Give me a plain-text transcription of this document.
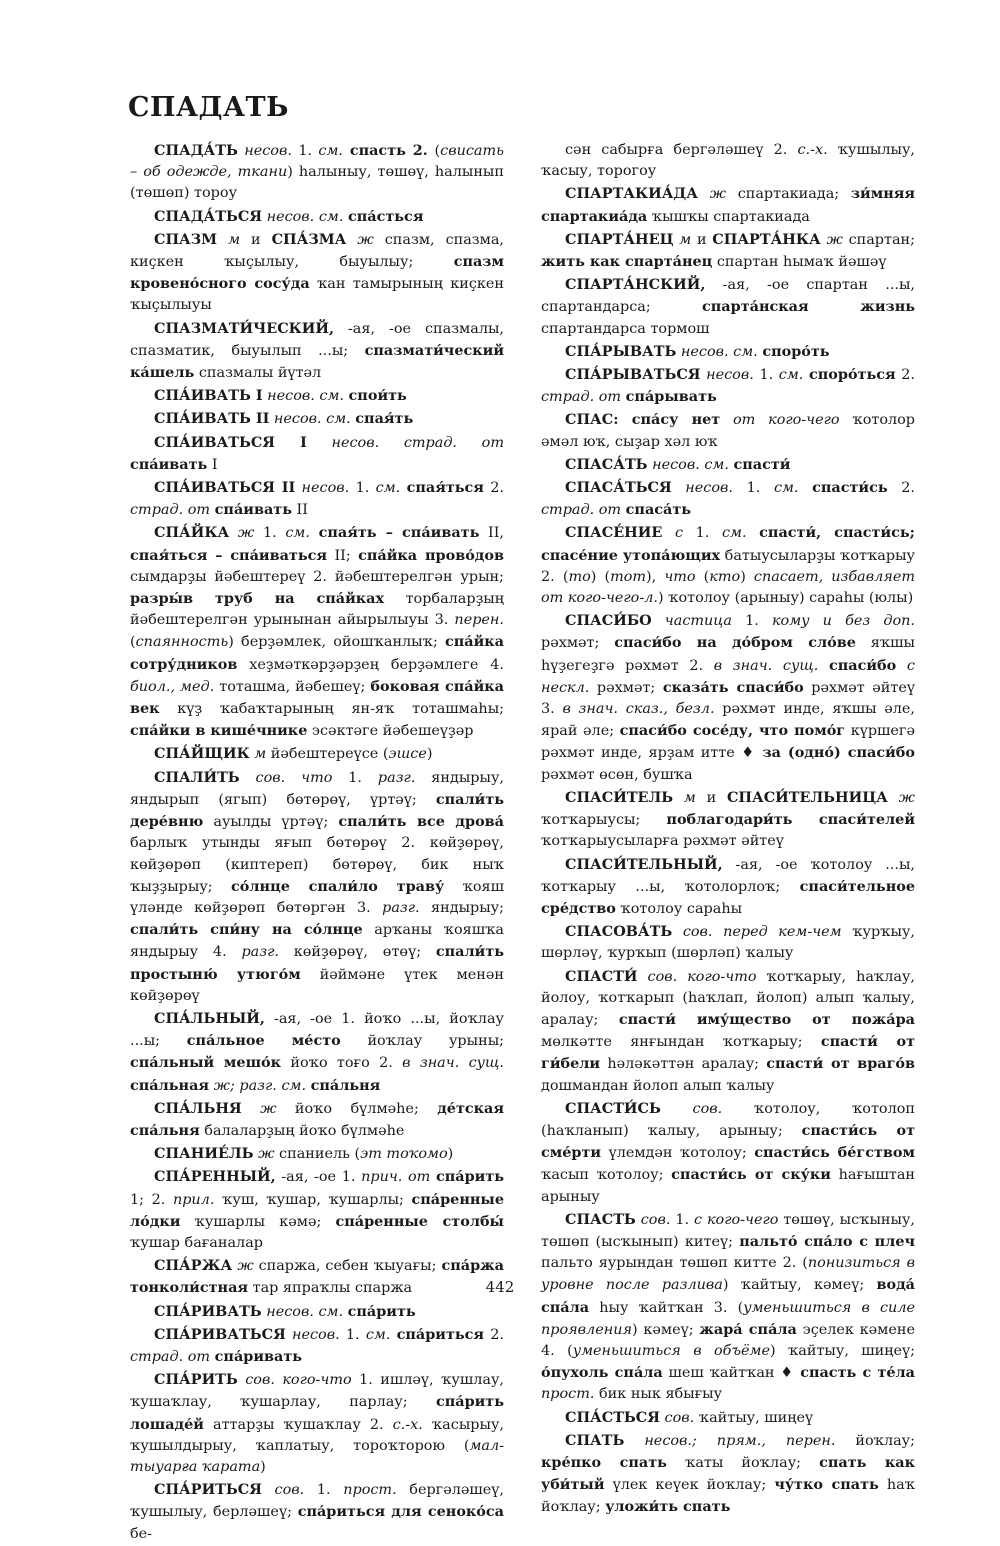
СПАДАТЬ

СПАДА́ТЬ несов. 1. см. спасть 2. (свисать – об одежде, ткани) һалыныу, төшөү, һалынып (төшөп) тороу

СПАДА́ТЬСЯ несов. см. спа́сться

СПАЗМ м и СПА́ЗМА ж спазм, спазма, киҫкен ҡыҫылыу, быуылыу; спазм кровено́сного сосу́да ҡан тамырының киҫкен ҡыҫылыуы

СПАЗМАТИ́ЧЕСКИЙ, -ая, -ое спазмалы, спазматик, быуылып ...ы; спазмати́ческий ка́шель спазмалы йүтәл

СПА́ИВАТЬ I несов. см. спои́ть

СПА́ИВАТЬ II несов. см. спая́ть

СПА́ИВАТЬСЯ I несов. страд. от спа́ивать I

СПА́ИВАТЬСЯ II несов. 1. см. спая́ться 2. страд. от спа́ивать II

СПА́ЙКА ж 1. см. спая́ть – спа́ивать II, спая́ться – спа́иваться II; спа́йка прово́дов сымдарҙы йәбештереү 2. йәбештерелгән урын; разры́в труб на спа́йках торбаларҙың йәбештерелгән урынынан айырылыуы 3. перен. (спаянность) берҙәмлек, ойошҡанлыҡ; спа́йка сотру́дников хеҙмәткәрҙәрҙең берҙәмлеге 4. биол., мед. тоташма, йәбешеү; боковая спа́йка век күҙ ҡабаҡтарының ян-яҡ тоташмаһы; спа́йки в кише́чнике эсәктәге йәбешеүҙәр

СПА́ЙЩИК м йәбештереүсе (эшсе)

СПАЛИ́ТЬ сов. что 1. разг. яндырыу, яндырып (ягып) бөтөрөү, үртәү; спали́ть дере́вню ауылды үртәү; спали́ть все дрова́ барлыҡ утынды яғып бөтөрөү 2. көйҙөрөү, көйҙөрөп (киптереп) бөтөрөү, бик ныҡ ҡыҙҙырыу; со́лнце спали́ло траву́ ҡояш үләнде көйҙөрөп бөтөргән 3. разг. яндырыу; спали́ть спи́ну на со́лнце арҡаны ҡояшҡа яндырыу 4. разг. көйҙөрөү, өтөү; спали́ть простыню́ утюго́м йәймәне үтек менән көйҙөрөү

СПА́ЛЬНЫЙ, -ая, -ое 1. йоҡо ...ы, йоҡлау ...ы; спа́льное ме́сто йоҡлау урыны; спа́льный мешо́к йоҡо тоғо 2. в знач. сущ. спа́льная ж; разг. см. спа́льня

СПА́ЛЬНЯ ж йоҡо бүлмәһе; де́тская спа́льня балаларҙың йоҡо бүлмәһе

СПАНИЕ́ЛЬ ж спаниель (эт тоҡомо)

СПА́РЕННЫЙ, -ая, -ое 1. прич. от спа́рить 1; 2. прил. ҡуш, ҡушар, ҡушарлы; спа́ренные ло́дки ҡушарлы кәмә; спа́ренные столбы́ ҡушар бағаналар

СПА́РЖА ж спаржа, себен ҡыуағы; спа́ржа тонколи́стная тар япраҡлы спаржа

СПА́РИВАТЬ несов. см. спа́рить

СПА́РИВАТЬСЯ несов. 1. см. спа́риться 2. страд. от спа́ривать

СПА́РИТЬ сов. кого-что 1. ишләү, ҡушлау, ҡушаҡлау, ҡушарлау, парлау; спа́рить лошаде́й аттарҙы ҡушаҡлау 2. с.-х. ҡасырыу, ҡушылдырыу, ҡаплатыу, тороҡторою (мал-тыуарға ҡарата)

СПА́РИТЬСЯ сов. 1. прост. бергәләшеү, ҡушылыу, берләшеү; спа́риться для сеноко́са бе-

сән сабырға бергәләшеү 2. с.-х. ҡушылыу, ҡасыу, торогоу

СПАРТАКИА́ДА ж спартакиада; зи́мняя спартакиа́да ҡышҡы спартакиада

СПАРТА́НЕЦ м и СПАРТА́НКА ж спартан; жить как спарта́нец спартан һымаҡ йәшәү

СПАРТА́НСКИЙ, -ая, -ое спартан ...ы, спартандарса; спарта́нская жизнь спартандарса тормош

СПА́РЫВАТЬ несов. см. споро́ть

СПА́РЫВАТЬСЯ несов. 1. см. споро́ться 2. страд. от спа́рывать

СПАС: спа́су нет от кого-чего ҡотолор әмәл юҡ, сыҙар хәл юҡ

СПАСА́ТЬ несов. см. спасти́

СПАСА́ТЬСЯ несов. 1. см. спасти́сь 2. страд. от спаса́ть

СПАСЕ́НИЕ с 1. см. спасти́, спасти́сь; спасе́ние утопа́ющих батыусыларҙы ҡотҡарыу 2. (то) (тот), что (кто) спасает, избавляет от кого-чего-л.) ҡотолоу (арыныу) сараһы (юлы)

СПАСИ́БО частица 1. кому и без доп. рәхмәт; спаси́бо на до́бром сло́ве яҡшы һүҙегеҙгә рәхмәт 2. в знач. сущ. спаси́бо с нескл. рәхмәт; сказа́ть спаси́бо рәхмәт әйтеү 3. в знач. сказ., безл. рәхмәт инде, яҡшы әле, ярай әле; спаси́бо сосе́ду, что помо́г күршегә рәхмәт инде, ярҙам итте ♦ за (одно́) спаси́бо рәхмәт өсөн, бушҡа

СПАСИ́ТЕЛЬ м и СПАСИ́ТЕЛЬНИЦА ж ҡотҡарыусы; поблагодари́ть спаси́телей ҡотҡарыусыларға рәхмәт әйтеү

СПАСИ́ТЕЛЬНЫЙ, -ая, -ое ҡотолоу ...ы, ҡотҡарыу ...ы, ҡотолорлоҡ; спаси́тельное сре́дство ҡотолоу сараһы

СПАСОВА́ТЬ сов. перед кем-чем ҡурҡыу, шөрләү, ҡурҡып (шөрләп) ҡалыу

СПАСТИ́ сов. кого-что ҡотҡарыу, һаҡлау, йолоу, ҡотҡарып (һаҡлап, йолоп) алып ҡалыу, аралау; спасти́ иму́щество от пожа́ра мөлкәтте янғындан ҡотҡарыу; спасти́ от ги́бели һәләкәттән аралау; спасти́ от враго́в дошмандан йолоп алып ҡалыу

СПАСТИ́СЬ сов. ҡотолоу, ҡотолоп (һаҡланып) ҡалыу, арыныу; спасти́сь от сме́рти үлемдән ҡотолоу; спасти́сь бе́гством ҡасып ҡотолоу; спасти́сь от ску́ки һағыштан арыныу

СПАСТЬ сов. 1. с кого-чего төшөү, ысҡыныу, төшөп (ысҡынып) китеү; пальто́ спа́ло с плеч пальто яурындан төшөп китте 2. (понизиться в уровне после разлива) ҡайтыу, кәмеү; вода́ спа́ла һыу ҡайтҡан 3. (уменьшиться в силе проявления) кәмеү; жара́ спа́ла эҫелек кәмене 4. (уменьшиться в объёме) ҡайтыу, шиңеү; о́пухоль спа́ла шеш ҡайтҡан ♦ спасть с те́ла прост. бик нык ябығыу

СПА́СТЬСЯ сов. ҡайтыу, шиңеү

СПАТЬ несов.; прям., перен. йоҡлау; кре́пко спать ҡаты йоҡлау; спать как уби́тый үлек кеүек йоҡлау; чу́тко спать һаҡ йоҡлау; уложи́ть спать

442
